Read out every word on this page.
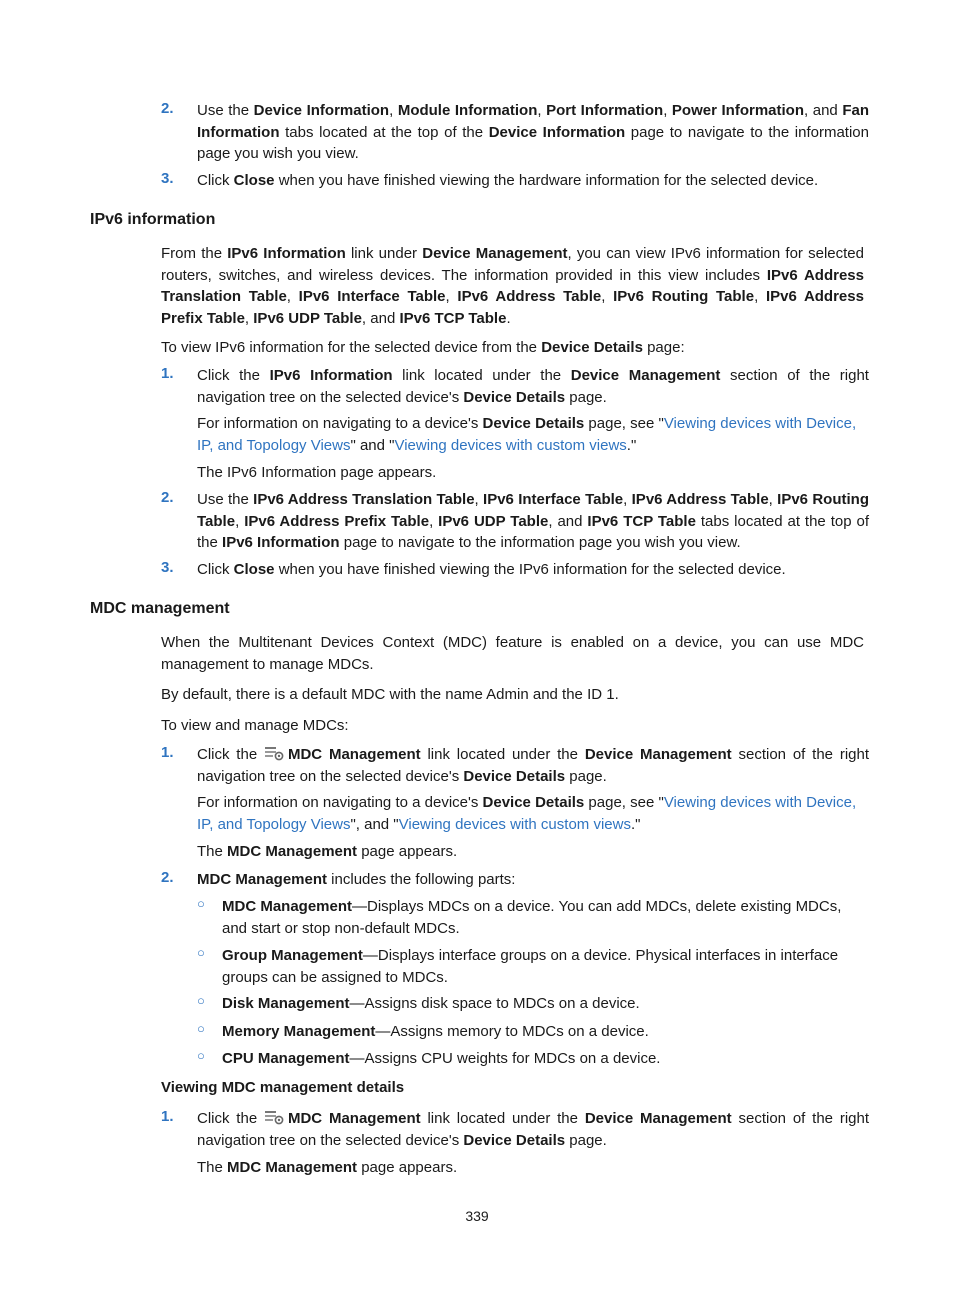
2. Use the Device Information, Module Information, Port Information, Power Information, and Fan Information tabs located at the top of the Device Information page to navigate to the information page you wish you view.

3. Click Close when you have finished viewing the hardware information for the selected device.

IPv6 information

From the IPv6 Information link under Device Management, you can view IPv6 information for selected routers, switches, and wireless devices. The information provided in this view includes IPv6 Address Translation Table, IPv6 Interface Table, IPv6 Address Table, IPv6 Routing Table, IPv6 Address Prefix Table, IPv6 UDP Table, and IPv6 TCP Table.

To view IPv6 information for the selected device from the Device Details page:

1. Click the IPv6 Information link located under the Device Management section of the right navigation tree on the selected device's Device Details page.

For information on navigating to a device's Device Details page, see "Viewing devices with Device, IP, and Topology Views" and "Viewing devices with custom views."

The IPv6 Information page appears.

2. Use the IPv6 Address Translation Table, IPv6 Interface Table, IPv6 Address Table, IPv6 Routing Table, IPv6 Address Prefix Table, IPv6 UDP Table, and IPv6 TCP Table tabs located at the top of the IPv6 Information page to navigate to the information page you wish you view.

3. Click Close when you have finished viewing the IPv6 information for the selected device.

MDC management

When the Multitenant Devices Context (MDC) feature is enabled on a device, you can use MDC management to manage MDCs.

By default, there is a default MDC with the name Admin and the ID 1.

To view and manage MDCs:

1. Click the MDC Management link located under the Device Management section of the right navigation tree on the selected device's Device Details page.

For information on navigating to a device's Device Details page, see "Viewing devices with Device, IP, and Topology Views", and "Viewing devices with custom views."

The MDC Management page appears.

2. MDC Management includes the following parts:

○ MDC Management—Displays MDCs on a device. You can add MDCs, delete existing MDCs, and start or stop non-default MDCs.

○ Group Management—Displays interface groups on a device. Physical interfaces in interface groups can be assigned to MDCs.

○ Disk Management—Assigns disk space to MDCs on a device.

○ Memory Management—Assigns memory to MDCs on a device.

○ CPU Management—Assigns CPU weights for MDCs on a device.

Viewing MDC management details
1. Click the MDC Management link located under the Device Management section of the right navigation tree on the selected device's Device Details page.

The MDC Management page appears.

339
